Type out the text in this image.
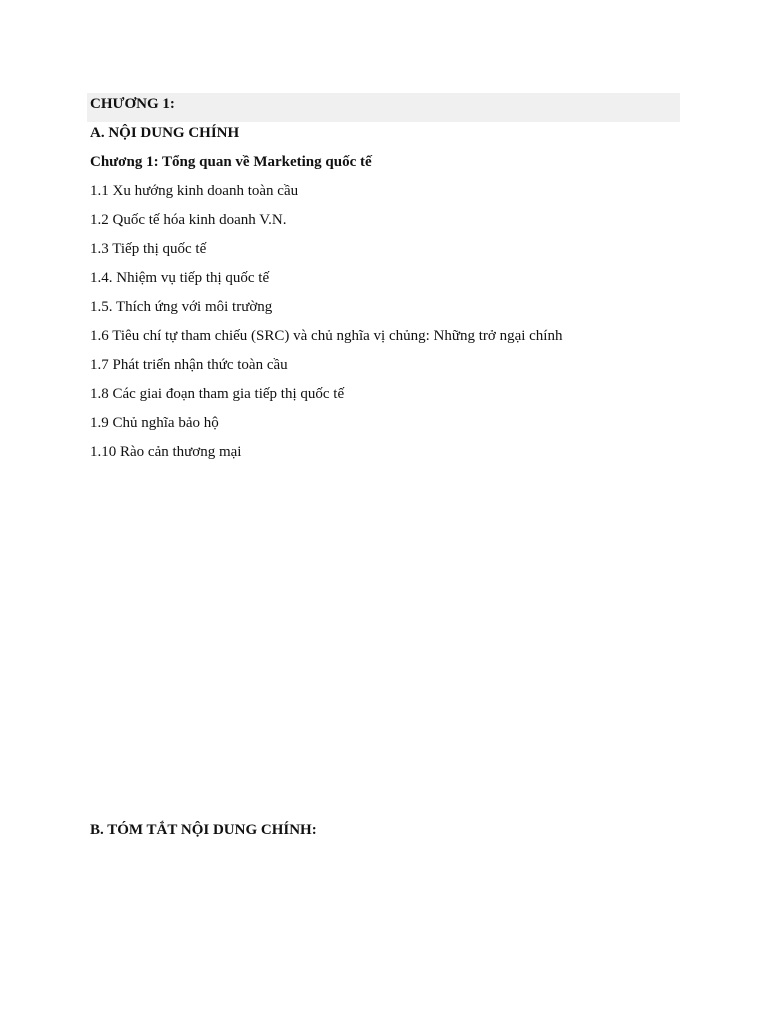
CHƯƠNG 1:
A. NỘI DUNG CHÍNH
Chương 1: Tổng quan về Marketing quốc tế
1.1 Xu hướng kinh doanh toàn cầu
1.2 Quốc tế hóa kinh doanh V.N.
1.3 Tiếp thị quốc tế
1.4. Nhiệm vụ tiếp thị quốc tế
1.5. Thích ứng với môi trường
1.6 Tiêu chí tự tham chiếu (SRC) và chủ nghĩa vị chủng: Những trở ngại chính
1.7 Phát triển nhận thức toàn cầu
1.8 Các giai đoạn tham gia tiếp thị quốc tế
1.9 Chủ nghĩa bảo hộ
1.10 Rào cản thương mại
B. TÓM TẮT NỘI DUNG CHÍNH:
